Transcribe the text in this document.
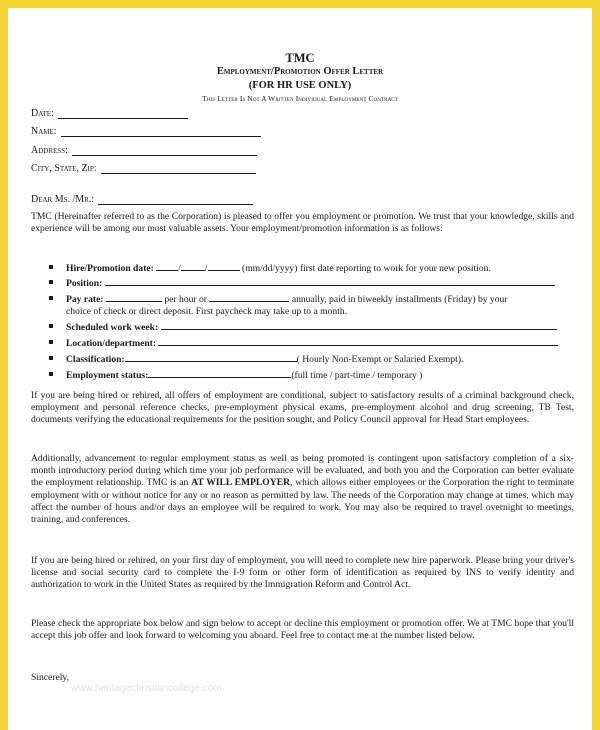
TMC
Employment/Promotion Offer Letter
(FOR HR USE ONLY)
This Letter Is Not A Written Individual Employment Contract
Date:
Name:
Address:
City, State, Zip:
Dear Ms. /Mr.:

TMC (Hereinafter referred to as the Corporation) is pleased to offer you employment or promotion. We trust that your knowledge, skills and experience will be among our most valuable assets. Your employment/promotion information is as follows:

Hire/Promotion date:	/	/	(mm/dd/yyyy) first date reporting to work for your new position.
Position:
Pay rate:	per hour or	annually, paid in biweekly installments (Friday) by your
choice of check or direct deposit. First paycheck may take up to a month.
Scheduled work week:
Location/department:
Classification:	( Hourly Non-Exempt or Salaried Exempt).
Employment status:	(full time / part-time / temporary )

If you are being hired or rehired, all offers of employment are conditional, subject to satisfactory results of a criminal background check, employment and personal reference checks, pre-employment physical exams, pre-employment alcohol and drug screening, TB Test, documents verifying the educational requirements for the position sought, and Policy Council approval for Head Start employees.

Additionally, advancement to regular employment status as well as being promoted is contingent upon satisfactory completion of a six-month introductory period during which time your job performance will be evaluated, and both you and the Corporation can better evaluate the employment relationship. TMC is an AT WILL EMPLOYER, which allows either employees or the Corporation the right to terminate employment with or without notice for any or no reason as permitted by law. The needs of the Corporation may change at times, which may affect the number of hours and/or days an employee will be required to work. You may also be required to travel overnight to meetings, training, and conferences.

If you are being hired or rehired, on your first day of employment, you will need to complete new hire paperwork. Please bring your driver's license and social security card to complete the I-9 form or other form of identification as required by INS to verify identity and authorization to work in the United States as required by the Immigration Reform and Control Act.

Please check the appropriate box below and sign below to accept or decline this employment or promotion offer. We at TMC hope that you'll accept this job offer and look forward to welcoming you aboard. Feel free to contact me at the number listed below.

Sincerely,
www.heritagechristiancollege.com
